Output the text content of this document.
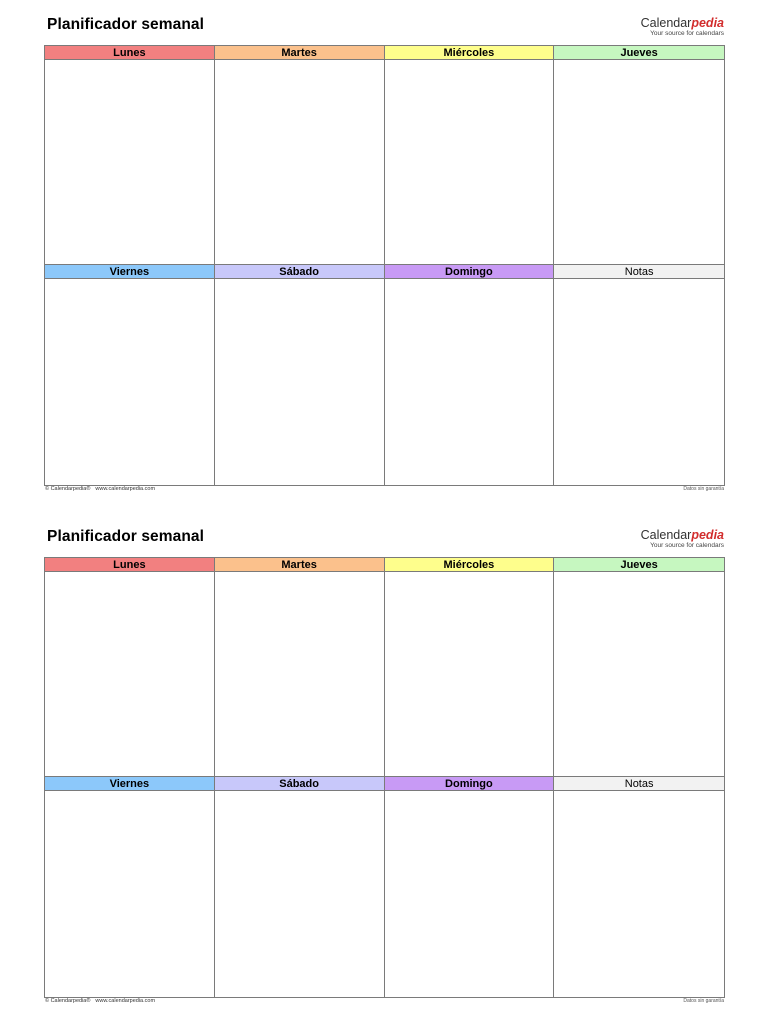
Planificador semanal	Calendarpedia
Your source for calendars
Lunes	Martes	Miércoles	Jueves
Viernes	Sábado	Domingo	Notas
© Calendarpedia® www.calendarpedia.com	Datos sin garantía
Planificador semanal	Calendarpedia
Your source for calendars
Lunes	Martes	Miércoles	Jueves
Viernes	Sábado	Domingo	Notas
© Calendarpedia® www.calendarpedia.com	Datos sin garantía
